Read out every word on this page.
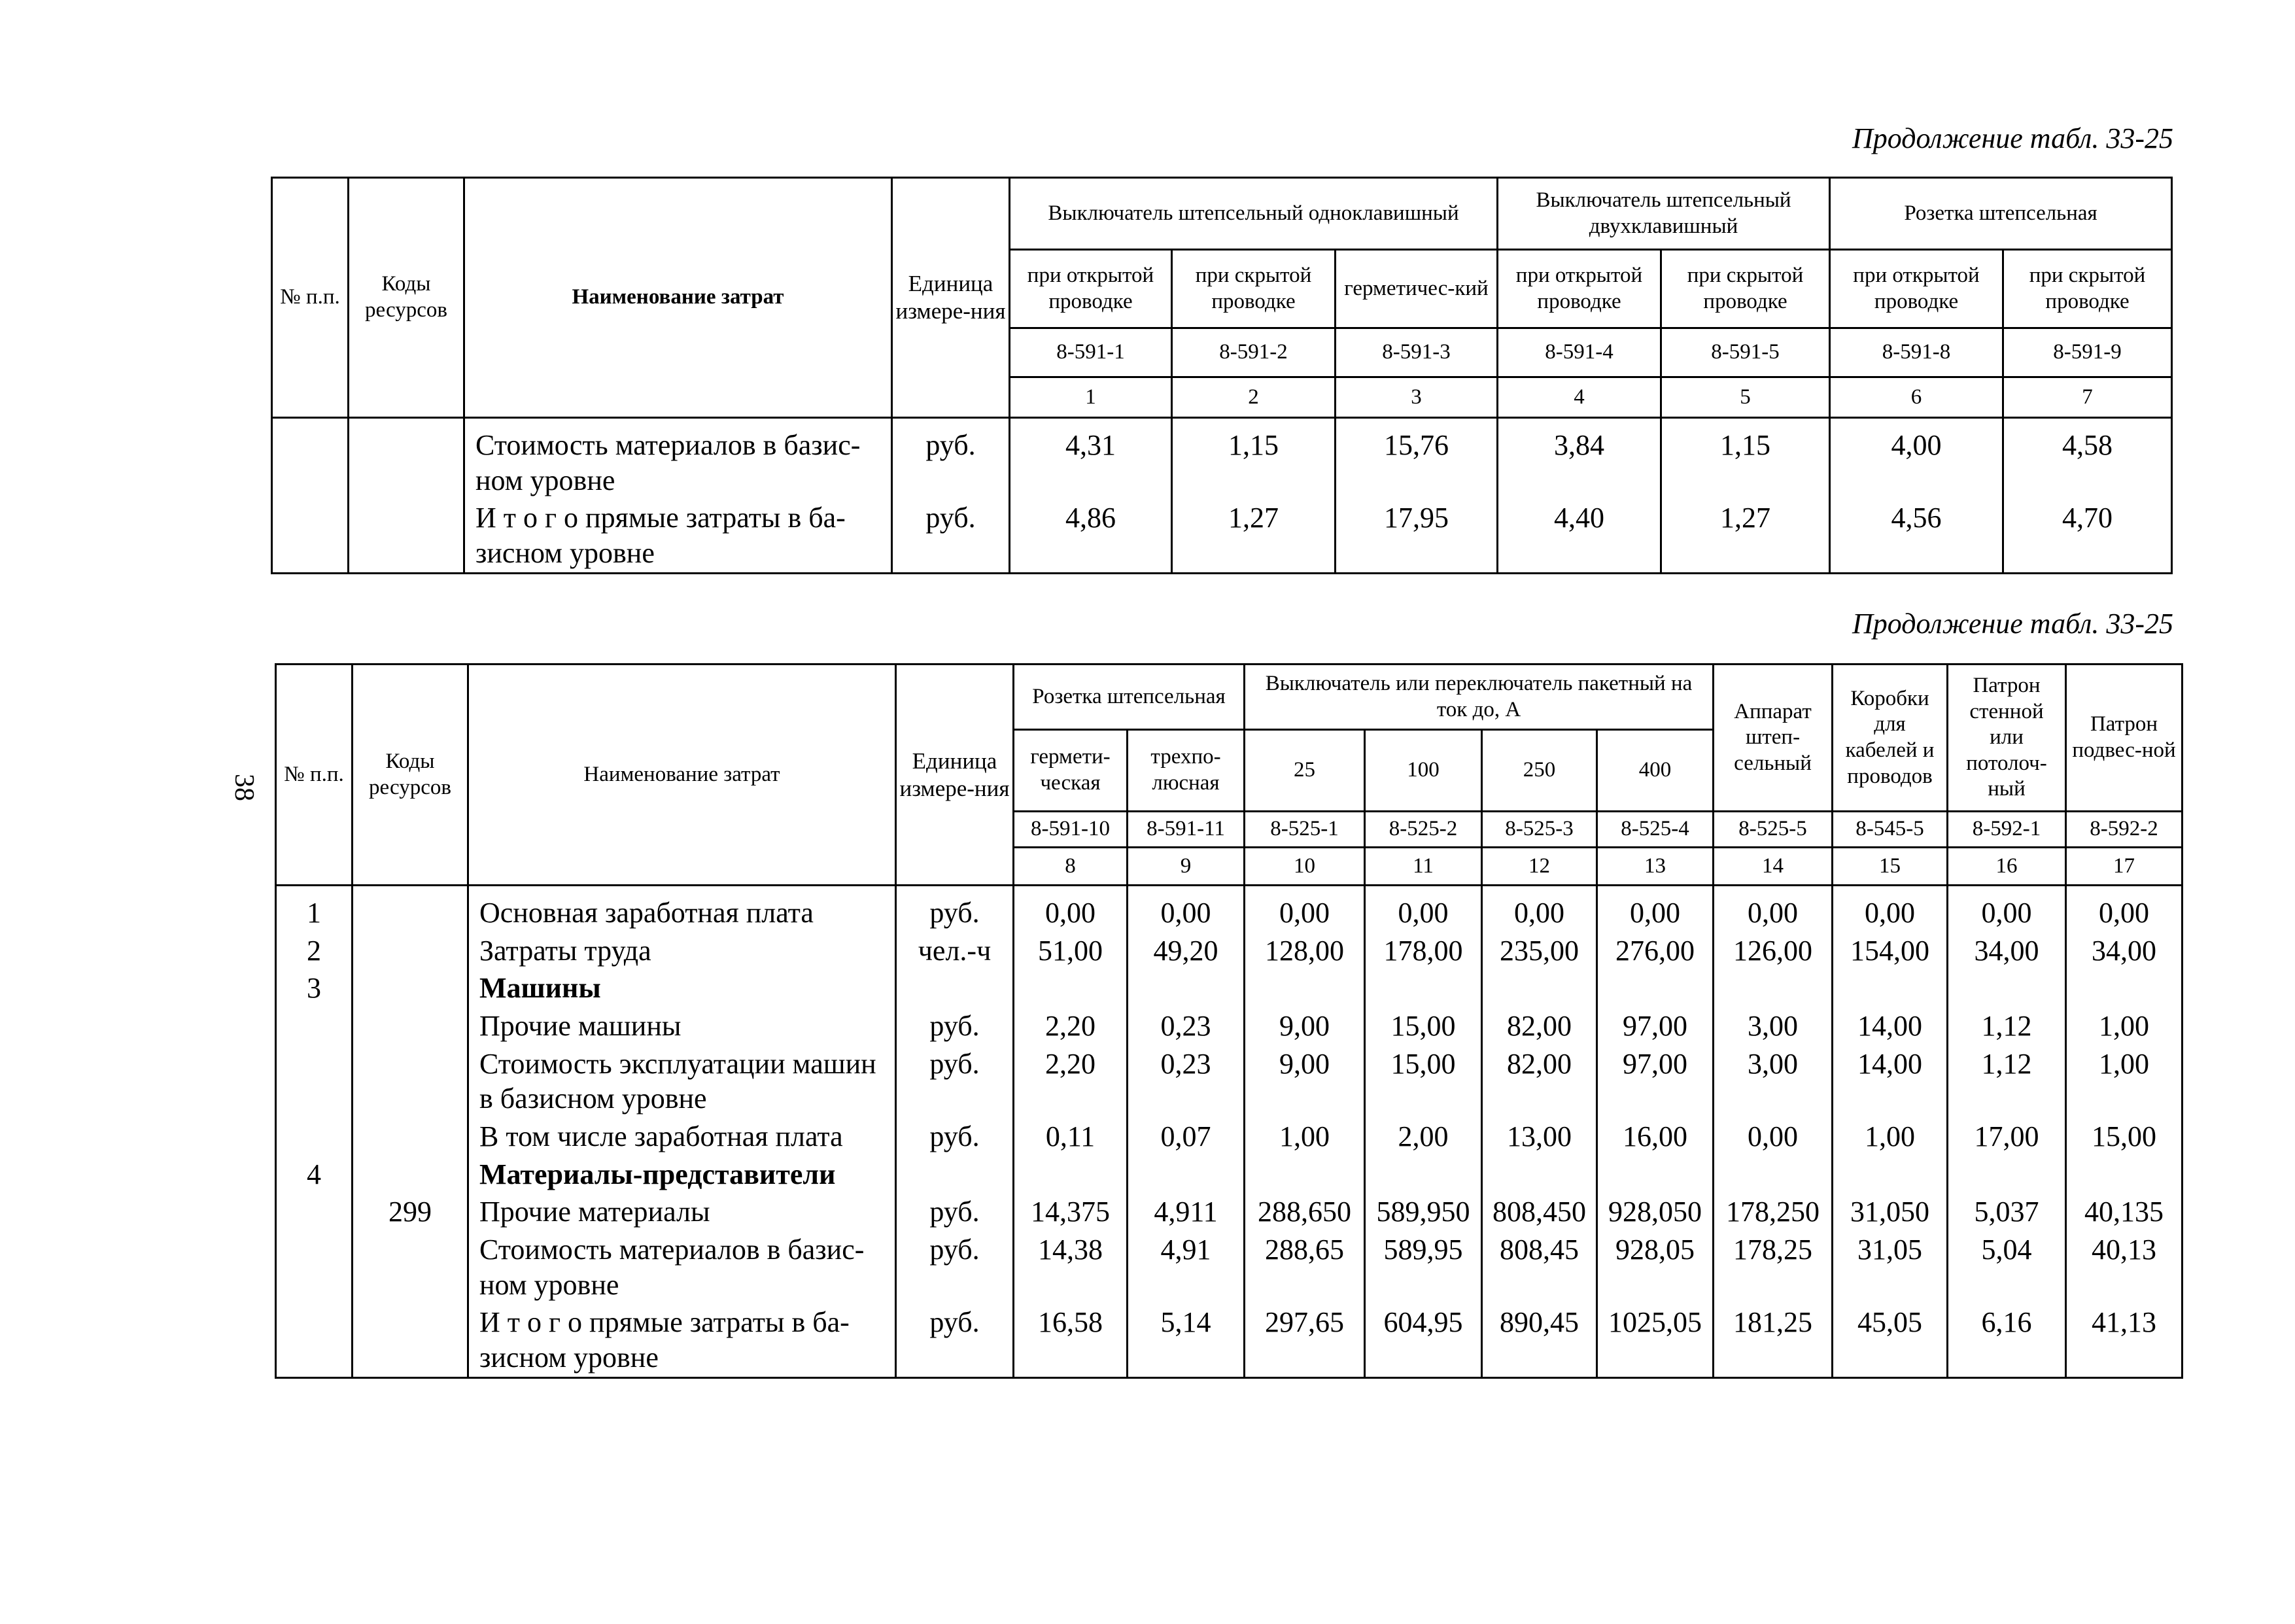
Продолжение табл. 33-25
№ п.п.	Коды ресурсов	Наименование затрат	Единица измере-ния	Выключатель штепсельный одноклавишный			Выключатель штепсельный двухклавишный		Розетка штепсельная	
				при открытой проводке	при скрытой проводке	герметичес-кий	при открытой проводке	при скрытой проводке	при открытой проводке	при скрытой проводке
				8-591-1	8-591-2	8-591-3	8-591-4	8-591-5	8-591-8	8-591-9
				1	2	3	4	5	6	7
		Стоимость материалов в базис-ном уровне	руб.	4,31	1,15	15,76	3,84	1,15	4,00	4,58
		И т о г о прямые затраты в ба-зисном уровне	руб.	4,86	1,27	17,95	4,40	1,27	4,56	4,70
Продолжение табл. 33-25
38 № п.п.	Коды ресурсов	Наименование затрат	Единица измере-ния	Розетка штепсельная		Выключатель или переключатель пакетный на ток до, А				Аппарат штеп-сельный	Коробки для кабелей и проводов	Патрон стенной или потолоч-ный	Патрон подвес-ной
				гермети-ческая	трехпо-люсная	25	100	250	400				
				8-591-10	8-591-11	8-525-1	8-525-2	8-525-3	8-525-4	8-525-5	8-545-5	8-592-1	8-592-2
				8	9	10	11	12	13	14	15	16	17
1		Основная заработная плата	руб.	0,00	0,00	0,00	0,00	0,00	0,00	0,00	0,00	0,00	0,00
2		Затраты труда	чел.-ч	51,00	49,20	128,00	178,00	235,00	276,00	126,00	154,00	34,00	34,00
3		Машины											
		Прочие машины	руб.	2,20	0,23	9,00	15,00	82,00	97,00	3,00	14,00	1,12	1,00
		Стоимость эксплуатации машин в базисном уровне	руб.	2,20	0,23	9,00	15,00	82,00	97,00	3,00	14,00	1,12	1,00
		В том числе заработная плата	руб.	0,11	0,07	1,00	2,00	13,00	16,00	0,00	1,00	17,00	15,00
4		Материалы-представители											
	299	Прочие материалы	руб.	14,375	4,911	288,650	589,950	808,450	928,050	178,250	31,050	5,037	40,135
		Стоимость материалов в базис-ном уровне	руб.	14,38	4,91	288,65	589,95	808,45	928,05	178,25	31,05	5,04	40,13
		И т о г о прямые затраты в ба-зисном уровне	руб.	16,58	5,14	297,65	604,95	890,45	1025,05	181,25	45,05	6,16	41,13
